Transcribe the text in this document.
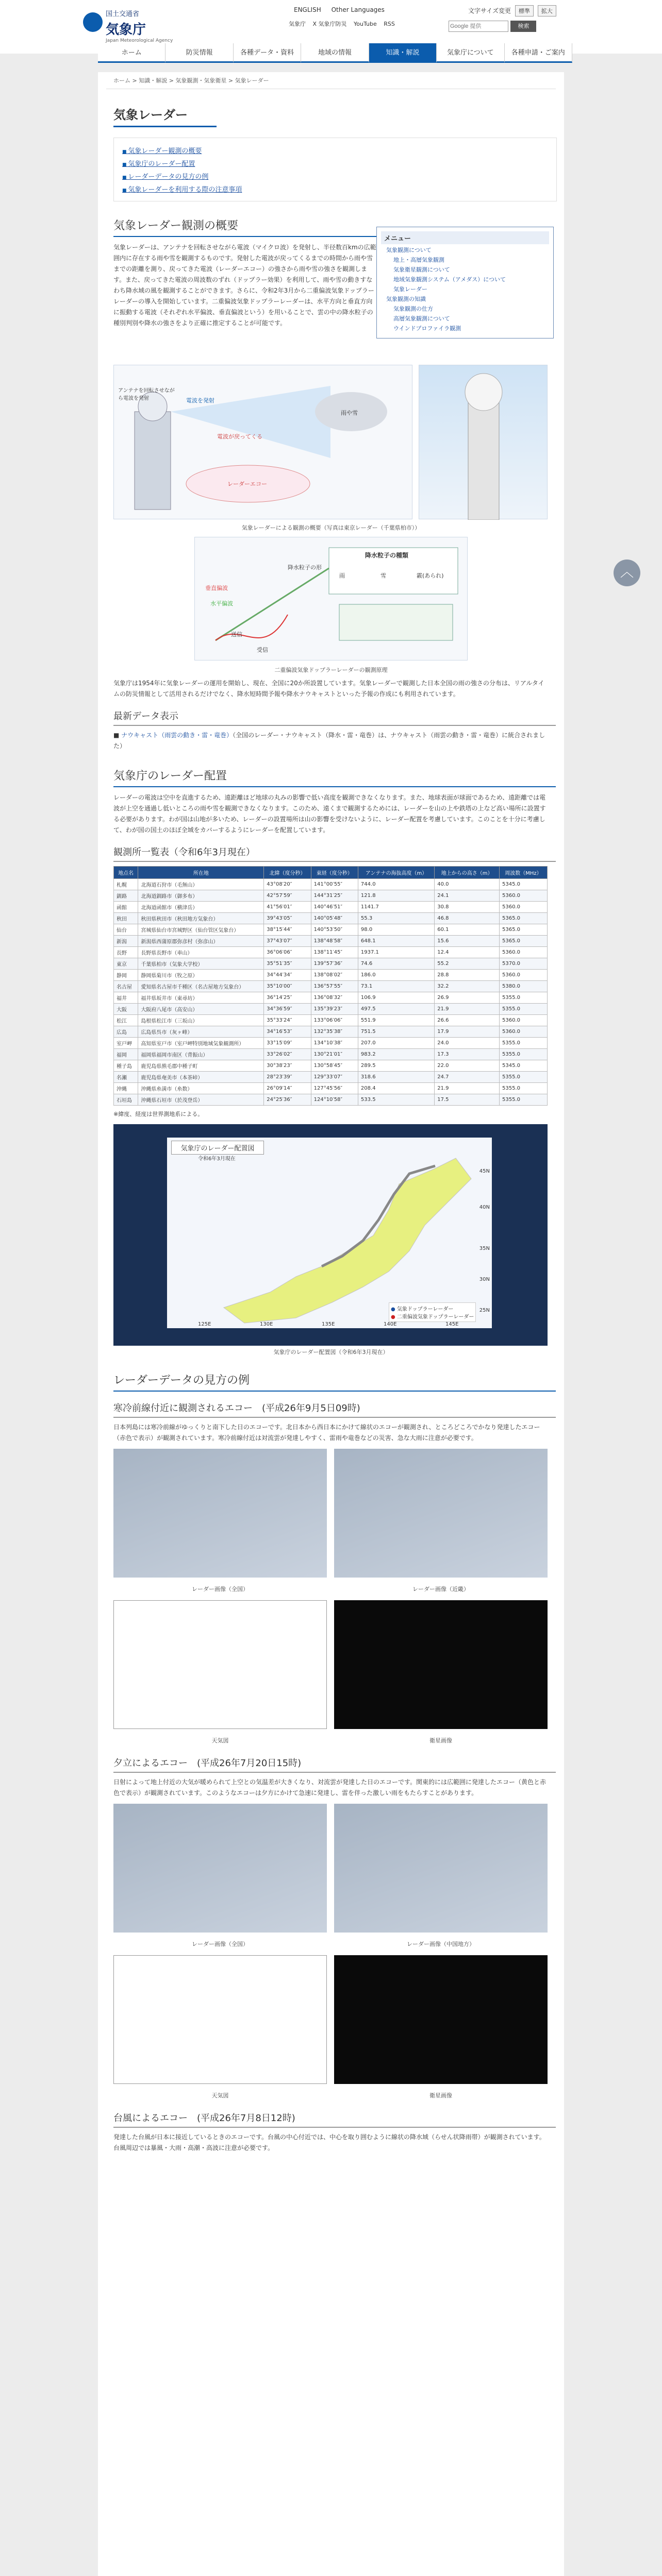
国土交通省
気象庁
Japan Meteorological Agency
ENGLISH Other Languages
気象庁 X 気象庁防災 YouTube RSS
文字サイズ変更 標準 拡大
Google 提供 検索
ホーム	防災情報	各種データ・資料	地域の情報	知識・解説	気象庁について	各種申請・ご案内
ホーム > 知識・解説 > 気象観測・気象衛星 > 気象レーダー
気象レーダー
■ 気象レーダー観測の概要
■ 気象庁のレーダー配置
■ レーダーデータの見方の例
■ 気象レーダーを利用する際の注意事項
メニュー
気象観測について
地上・高層気象観測
気象衛星観測について
地域気象観測システム（アメダス）について
気象レーダー
気象観測の知識
気象観測の仕方
高層気象観測について
ウインドプロファイラ観測
気象レーダー観測の概要

気象レーダーは、アンテナを回転させながら電波（マイクロ波）を発射し、半径数百kmの広範囲内に存在する雨や雪を観測するものです。発射した電波が戻ってくるまでの時間から雨や雪までの距離を測り、戻ってきた電波（レーダーエコー）の強さから雨や雪の強さを観測します。また、戻ってきた電波の周波数のずれ（ドップラー効果）を利用して、雨や雪の動きすなわち降水域の風を観測することができます。さらに、令和2年3月から二重偏波気象ドップラーレーダーの導入を開始しています。二重偏波気象ドップラーレーダーは、水平方向と垂直方向に振動する電波（それぞれ水平偏波、垂直偏波という）を用いることで、雲の中の降水粒子の種別判別や降水の強さをより正確に推定することが可能です。

電波を発射
雨や雪
電波が戻ってくる
アンテナを回転させながら電波を発射
レーダーエコー
気象レーダーによる観測の概要（写真は東京レーダー（千葉県柏市））
降水粒子の種類
雨	雪	霰(あられ)
降水粒子の形
水平偏波
垂直偏波
送信
受信
二重偏波気象ドップラーレーダーの観測原理

気象庁は1954年に気象レーダーの運用を開始し、現在、全国に20か所設置しています。気象レーダーで観測した日本全国の雨の強さの分布は、リアルタイムの防災情報として活用されるだけでなく、降水短時間予報や降水ナウキャストといった予報の作成にも利用されています。

最新データ表示

■ ナウキャスト（雨雲の動き・雷・竜巻）（全国のレーダー・ナウキャスト（降水・雷・竜巻）は、ナウキャスト（雨雲の動き・雷・竜巻）に統合されました）

気象庁のレーダー配置

レーダーの電波は空中を直進するため、遠距離ほど地球の丸みの影響で低い高度を観測できなくなります。また、地球表面が球面であるため、遠距離では電波が上空を通過し低いところの雨や雪を観測できなくなります。このため、遠くまで観測するためには、レーダーを山の上や鉄塔の上など高い場所に設置する必要があります。わが国は山地が多いため、レーダーの設置場所は山の影響を受けないように、レーダー配置を考慮しています。このことを十分に考慮して、わが国の国土のほぼ全域をカバーするようにレーダーを配置しています。

観測所一覧表（令和6年3月現在）
地点名	所在地	北緯（度分秒）	東経（度分秒）	アンテナの海抜高度（m）	地上からの高さ（m）	周波数（MHz）
札幌	北海道石狩市（毛無山）	43°08′20″	141°00′55″	744.0	40.0	5345.0
釧路	北海道釧路市（御多布）	42°57′59″	144°31′25″	121.8	24.1	5360.0
函館	北海道函館市（横津岳）	41°56′01″	140°46′51″	1141.7	30.8	5360.0
秋田	秋田県秋田市（秋田地方気象台）	39°43′05″	140°05′48″	55.3	46.8	5365.0
仙台	宮城県仙台市宮城野区（仙台管区気象台）	38°15′44″	140°53′50″	98.0	60.1	5365.0
新潟	新潟県西蒲原郡弥彦村（弥彦山）	37°43′07″	138°48′58″	648.1	15.6	5365.0
長野	長野県長野市（車山）	36°06′06″	138°11′45″	1937.1	12.4	5360.0
東京	千葉県柏市（気象大学校）	35°51′35″	139°57′36″	74.6	55.2	5370.0
静岡	静岡県菊川市（牧之原）	34°44′34″	138°08′02″	186.0	28.8	5360.0
名古屋	愛知県名古屋市千種区（名古屋地方気象台）	35°10′00″	136°57′55″	73.1	32.2	5380.0
福井	福井県坂井市（東尋坊）	36°14′25″	136°08′32″	106.9	26.9	5355.0
大阪	大阪府八尾市（高安山）	34°36′59″	135°39′23″	497.5	21.9	5355.0
松江	島根県松江市（三坂山）	35°33′24″	133°06′06″	551.9	26.6	5360.0
広島	広島県呉市（灰ヶ峰）	34°16′53″	132°35′38″	751.5	17.9	5360.0
室戸岬	高知県室戸市（室戸岬特別地域気象観測所）	33°15′09″	134°10′38″	207.0	24.0	5355.0
福岡	福岡県福岡市南区（背振山）	33°26′02″	130°21′01″	983.2	17.3	5355.0
種子島	鹿児島県熊毛郡中種子町	30°38′23″	130°58′45″	289.5	22.0	5345.0
名瀬	鹿児島県奄美市（本茶峠）	28°23′39″	129°33′07″	318.6	24.7	5355.0
沖縄	沖縄県糸満市（糸数）	26°09′14″	127°45′56″	208.4	21.9	5355.0
石垣島	沖縄県石垣市（於茂登岳）	24°25′36″	124°10′58″	533.5	17.5	5355.0
※緯度、経度は世界測地系による。
気象庁のレーダー配置図
令和6年3月現在
● 気象ドップラーレーダー
● 二重偏波気象ドップラーレーダー
45N
40N
35N
30N
25N
125E	130E	135E	140E	145E
気象庁のレーダー配置図（令和6年3月現在）
レーダーデータの見方の例
寒冷前線付近に観測されるエコー　(平成26年9月5日09時)

日本列島には寒冷前線がゆっくりと南下した日のエコーです。北日本から西日本にかけて線状のエコーが観測され、ところどころでかなり発達したエコー（赤色で表示）が観測されています。寒冷前線付近は対流雲が発達しやすく、雷雨や竜巻などの災害、急な大雨に注意が必要です。

レーダー画像（全国）	レーダー画像（近畿）
天気図	衛星画像
夕立によるエコー　(平成26年7月20日15時)

日射によって地上付近の大気が暖められて上空との気温差が大きくなり、対流雲が発達した日のエコーです。関東的には広範囲に発達したエコー（黄色と赤色で表示）が観測されています。このようなエコーは夕方にかけて急速に発達し、雷を伴った激しい雨をもたらすことがあります。

レーダー画像（全国）	レーダー画像（中国地方）
天気図	衛星画像
台風によるエコー　(平成26年7月8日12時)

発達した台風が日本に接近しているときのエコーです。台風の中心付近では、中心を取り囲むように線状の降水域（らせん状降雨帯）が観測されています。台風周辺では暴風・大雨・高潮・高波に注意が必要です。

︿
